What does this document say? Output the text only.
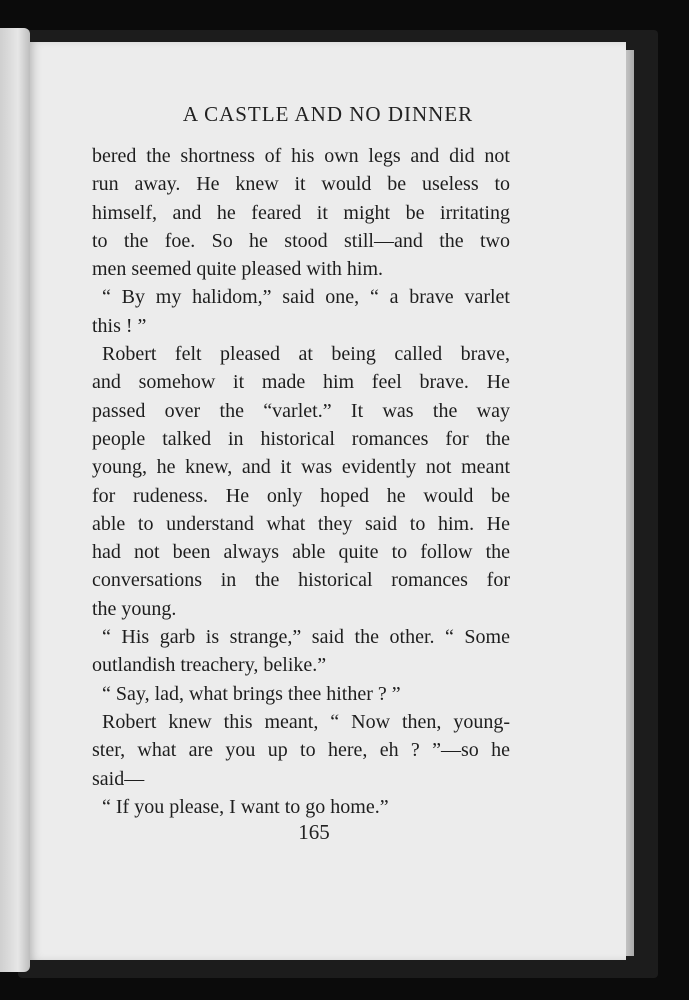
A CASTLE AND NO DINNER
bered the shortness of his own legs and did not
run away. He knew it would be useless to
himself, and he feared it might be irritating
to the foe. So he stood still—and the two
men seemed quite pleased with him.
“ By my halidom,” said one, “ a brave varlet
this ! ”
Robert felt pleased at being called brave,
and somehow it made him feel brave. He
passed over the “varlet.” It was the way
people talked in historical romances for the
young, he knew, and it was evidently not meant
for rudeness. He only hoped he would be
able to understand what they said to him. He
had not been always able quite to follow the
conversations in the historical romances for
the young.
“ His garb is strange,” said the other. “ Some
outlandish treachery, belike.”
“ Say, lad, what brings thee hither ? ”
Robert knew this meant, “ Now then, young-
ster, what are you up to here, eh ? ”—so he
said—
“ If you please, I want to go home.”
165
